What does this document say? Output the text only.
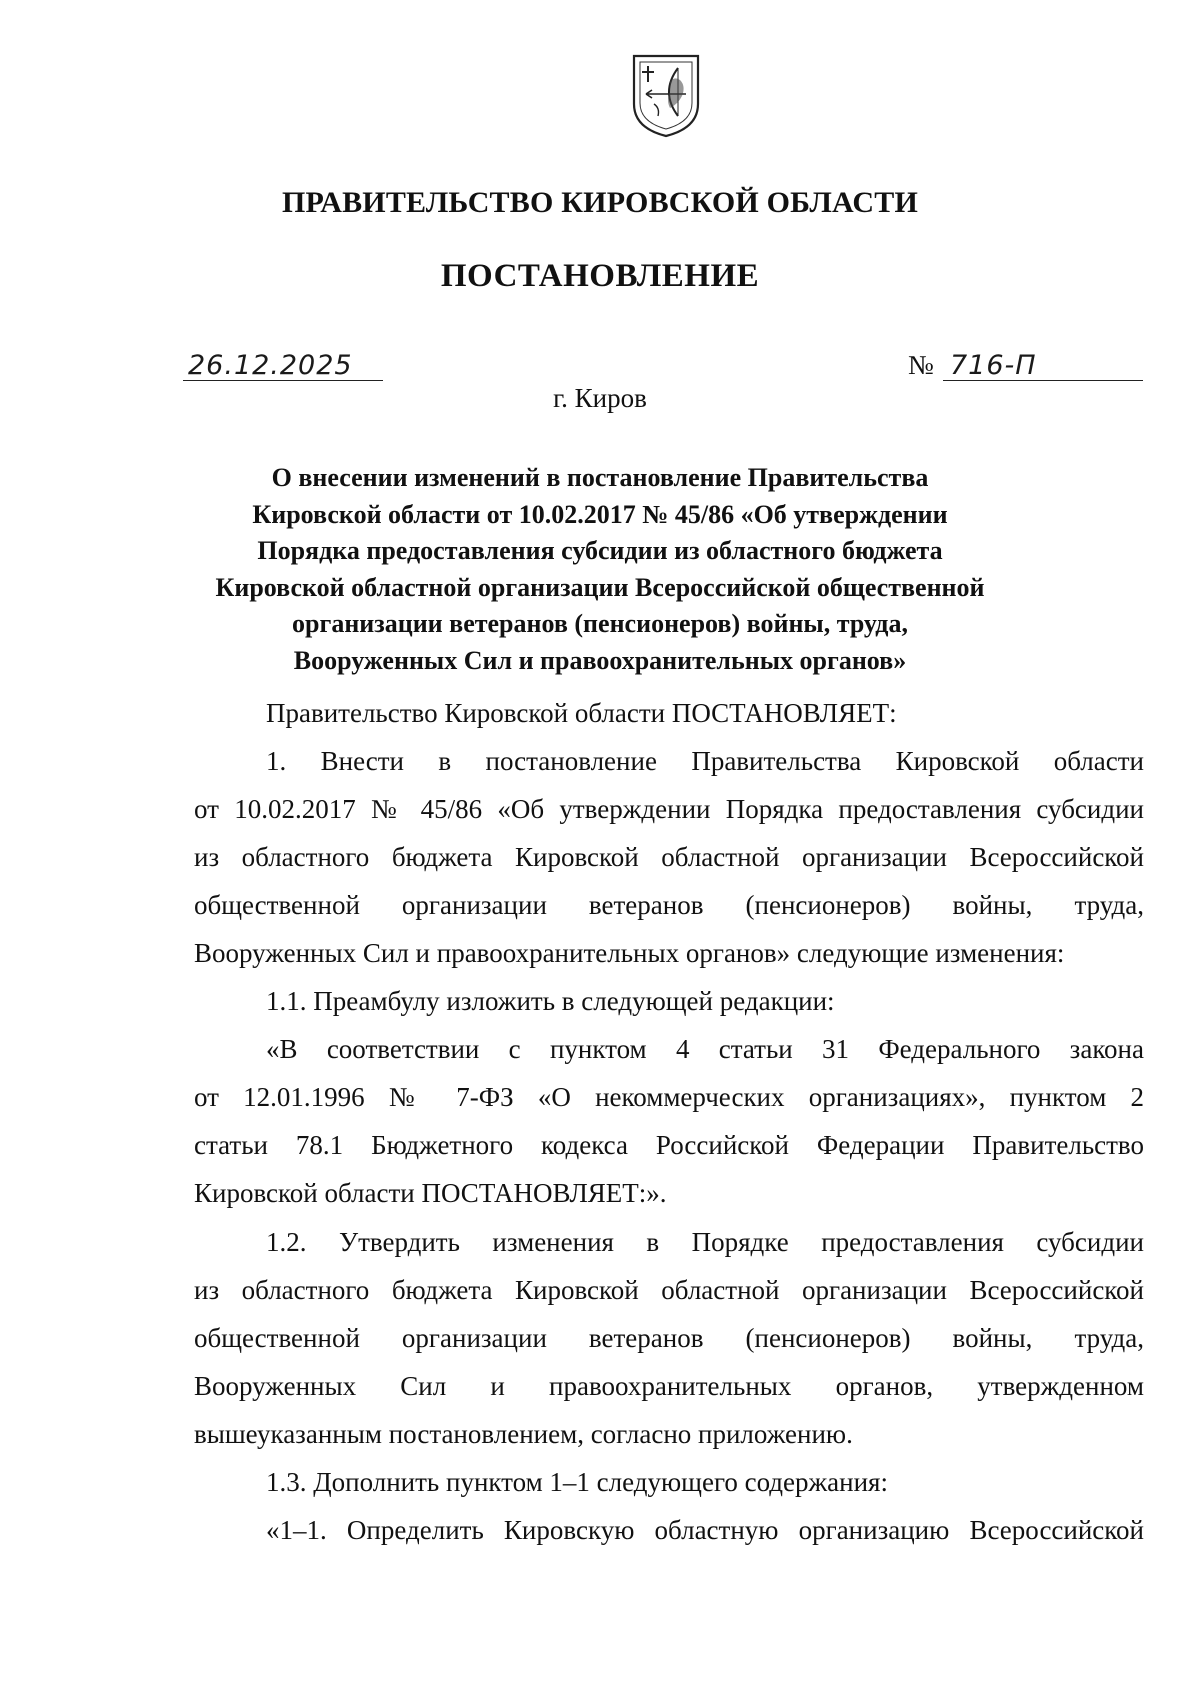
ПРАВИТЕЛЬСТВО КИРОВСКОЙ ОБЛАСТИ
ПОСТАНОВЛЕНИЕ
26.12.2025	№ 716-П
г. Киров
О внесении изменений в постановление Правительства
Кировской области от 10.02.2017 № 45/86 «Об утверждении
Порядка предоставления субсидии из областного бюджета
Кировской областной организации Всероссийской общественной
организации ветеранов (пенсионеров) войны, труда,
Вооруженных Сил и правоохранительных органов»
Правительство Кировской области ПОСТАНОВЛЯЕТ:
1. Внести в постановление Правительства Кировской области
от 10.02.2017 № 45/86 «Об утверждении Порядка предоставления субсидии
из областного бюджета Кировской областной организации Всероссийской
общественной организации ветеранов (пенсионеров) войны, труда,
Вооруженных Сил и правоохранительных органов» следующие изменения:
1.1. Преамбулу изложить в следующей редакции:
«В соответствии с пунктом 4 статьи 31 Федерального закона
от 12.01.1996 № 7-ФЗ «О некоммерческих организациях», пунктом 2
статьи 78.1 Бюджетного кодекса Российской Федерации Правительство
Кировской области ПОСТАНОВЛЯЕТ:».
1.2. Утвердить изменения в Порядке предоставления субсидии
из областного бюджета Кировской областной организации Всероссийской
общественной организации ветеранов (пенсионеров) войны, труда,
Вооруженных Сил и правоохранительных органов, утвержденном
вышеуказанным постановлением, согласно приложению.
1.3. Дополнить пунктом 1–1 следующего содержания:
«1–1. Определить Кировскую областную организацию Всероссийской
